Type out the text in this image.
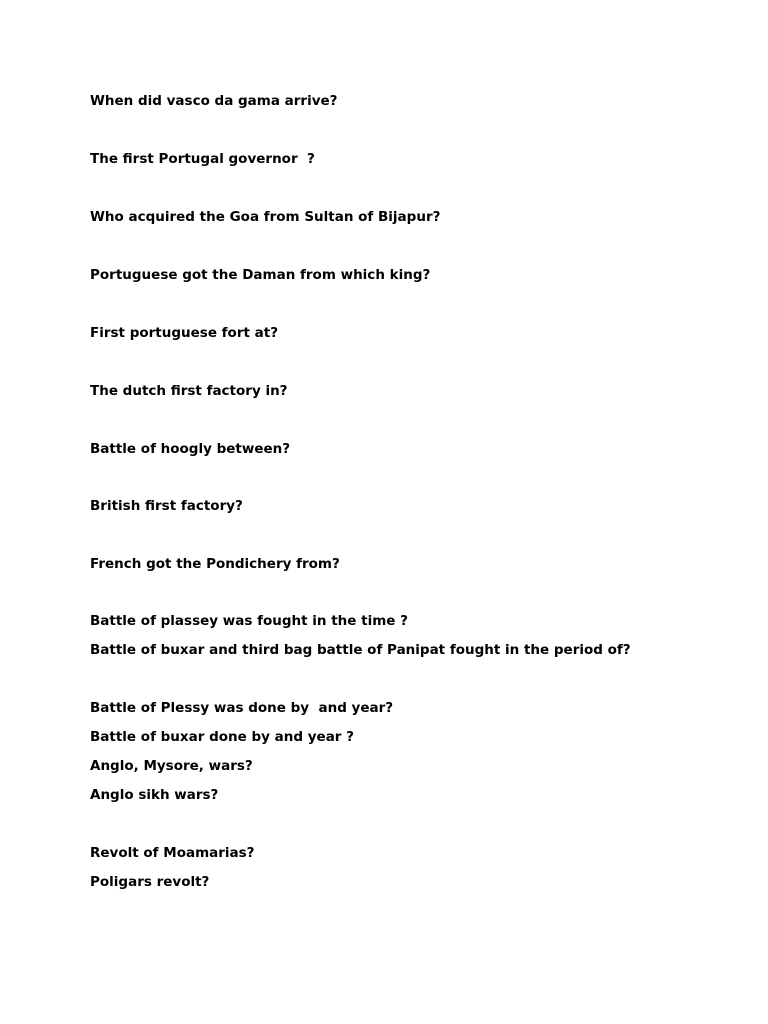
When did vasco da gama arrive?
The first Portugal governor  ?
Who acquired the Goa from Sultan of Bijapur?
Portuguese got the Daman from which king?
First portuguese fort at?
The dutch first factory in?
Battle of hoogly between?
British first factory?
French got the Pondichery from?
Battle of plassey was fought in the time ?
Battle of buxar and third bag battle of Panipat fought in the period of?
Battle of Plessy was done by  and year?
Battle of buxar done by and year ?
Anglo, Mysore, wars?
Anglo sikh wars?
Revolt of Moamarias?
Poligars revolt?
